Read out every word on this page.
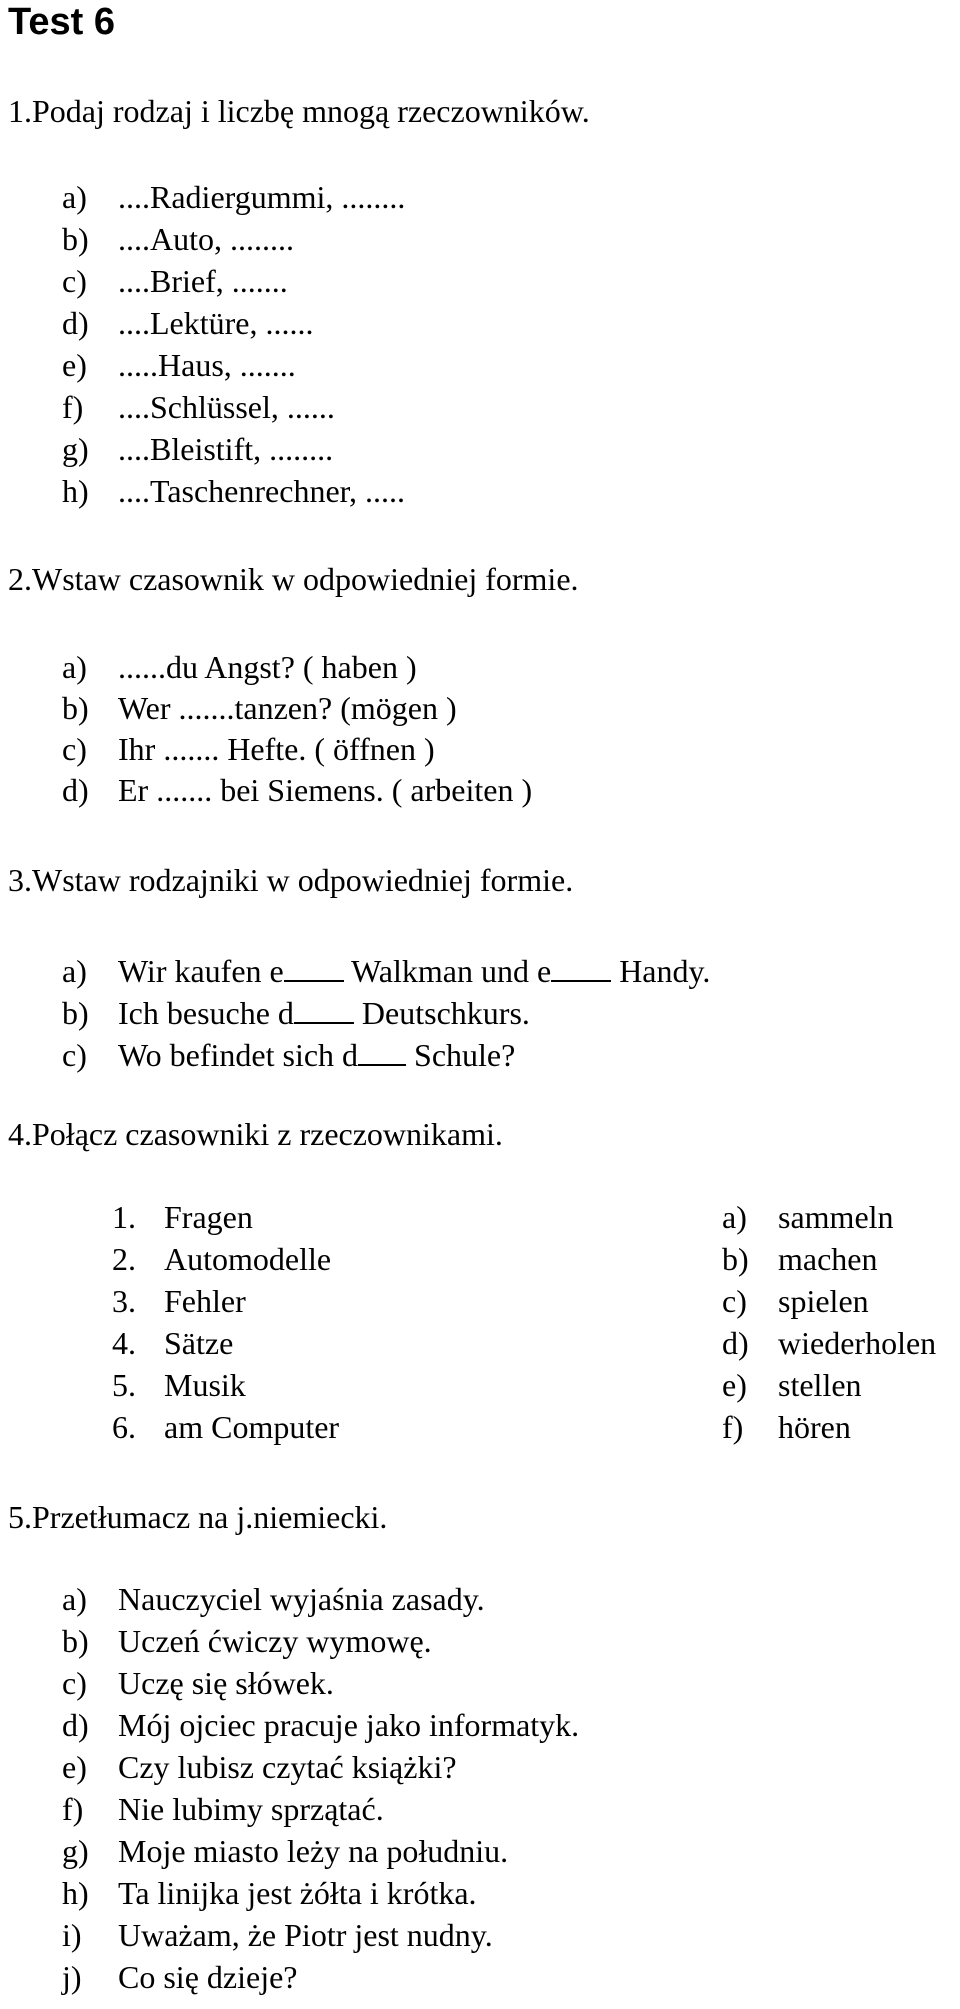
Test 6

1.Podaj rodzaj i liczbę mnogą rzeczowników.

a) ....Radiergummi, ........
b) ....Auto, ........
c) ....Brief, .......
d) ....Lektüre, ......
e) .....Haus, .......
f) ....Schlüssel, ......
g) ....Bleistift, ........
h) ....Taschenrechner, .....

2.Wstaw czasownik w odpowiedniej formie.

a) ......du Angst? ( haben )
b) Wer .......tanzen? (mögen )
c) Ihr ....... Hefte. ( öffnen )
d) Er ....... bei Siemens. ( arbeiten )

3.Wstaw rodzajniki w odpowiedniej formie.

a) Wir kaufen e Walkman und e Handy.
b) Ich besuche d Deutschkurs.
c) Wo befindet sich d Schule?

4.Połącz czasowniki z rzeczownikami.

1. Fragen
2. Automodelle
3. Fehler
4. Sätze
5. Musik
6. am Computer
a) sammeln
b) machen
c) spielen
d) wiederholen
e) stellen
f) hören

5.Przetłumacz na j.niemiecki.

a) Nauczyciel wyjaśnia zasady.
b) Uczeń ćwiczy wymowę.
c) Uczę się słówek.
d) Mój ojciec pracuje jako informatyk.
e) Czy lubisz czytać książki?
f) Nie lubimy sprzątać.
g) Moje miasto leży na południu.
h) Ta linijka jest żółta i krótka.
i) Uważam, że Piotr jest nudny.
j) Co się dzieje?
